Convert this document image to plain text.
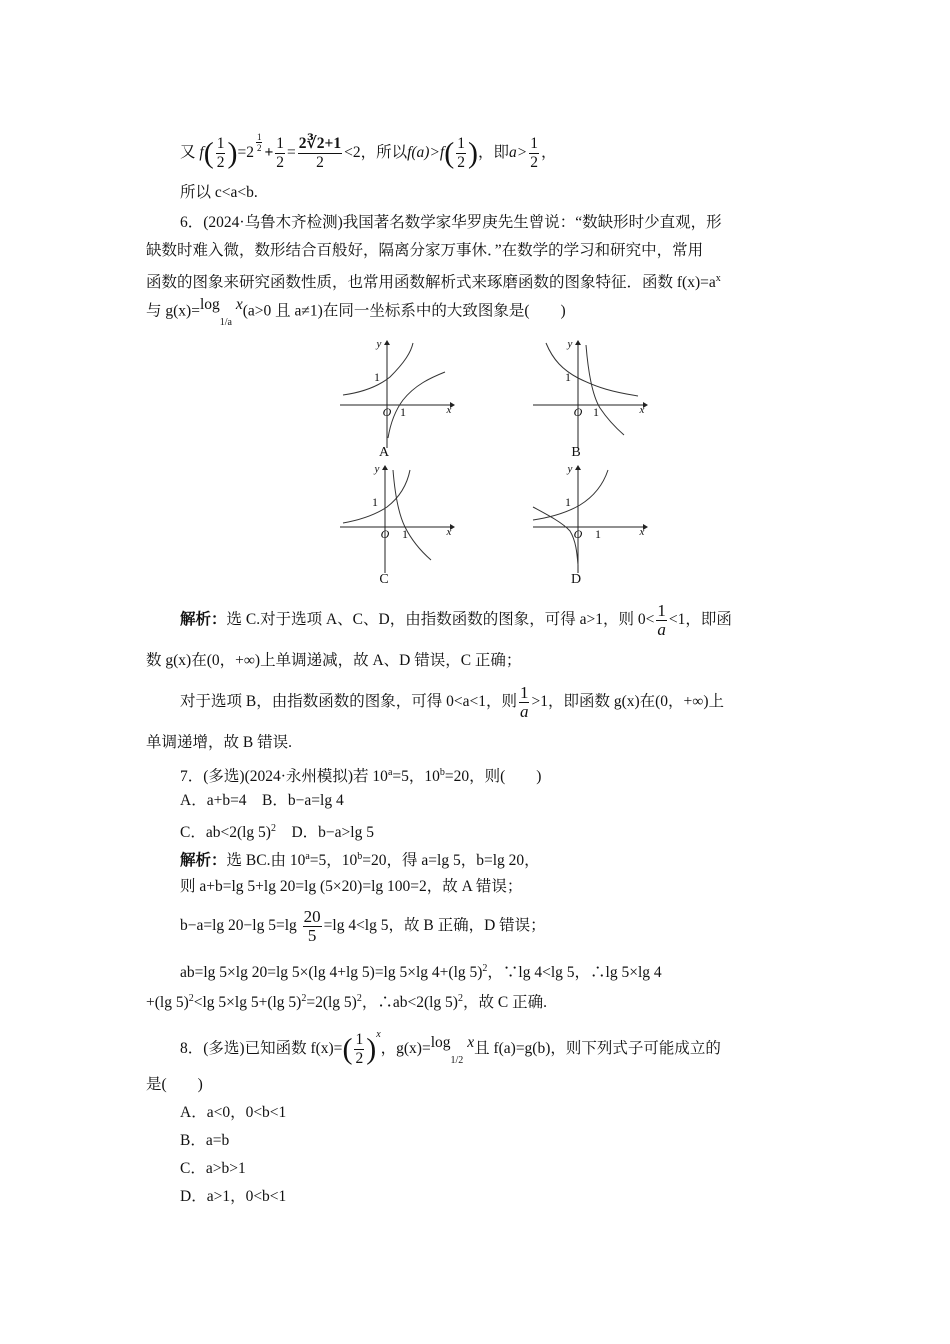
又 $f( \frac{1}{2} )=2$ $^{\frac{1}{2}} + \frac{1}{2} = \frac{2∛2+1}{2} <2$，所以$f(a)>f( \frac{1}{2}$ )，即$a> \frac{1}{2}$ ，
所以 c<a<b.
6．(2024·乌鲁木齐检测)我国著名数学家华罗庚先生曾说：“数缺形时少直观，形
缺数时难入微，数形结合百般好，隔离分家万事休．”在数学的学习和研究中，常用
函数的图象来研究函数性质，也常用函数解析式来琢磨函数的图象特征．函数 $f(x)=a^x$
与 $g(x)=\log_{1/a}$ x(a>0 且 a≠1)在同一坐标系中的大致图象是(　　)
y
x
1
O 1
A
y
x
1
O 1
B
y
x
1
O	1
C
y
x
1
O	1
D
解析：选 C.对于选项 A、C、D，由指数函数的图象，可得 a>1，则 $0< \frac{1}{a} <1$，即函
数 g(x)在(0，+∞)上单调递减，故 A、D 错误，C 正确；
对于选项 B，由指数函数的图象，可得 0<a<1，则 $\frac{1}{a} >1$，即函数 g(x)在(0，+∞)上
单调递增，故 B 错误.
7．(多选)(2024·永州模拟)若 $10^a=5$，$10^b=20$，则(　　)
A．a+b=4　B．b−a=lg 4
C．ab<2(lg 5)$^2$　D．b−a>lg 5
解析：选 BC.由 $10^a=5$，$10^b=20$，得 a=lg 5，b=lg 20，
则 a+b=lg 5+lg 20=lg (5×20)=lg 100=2，故 A 错误；
b−a=lg 20−lg $5=\lg \frac{20}{5} =\lg$ 4<lg 5，故 B 正确，D 错误；
ab=lg 5×lg 20=lg 5×(lg 4+lg 5)=lg 5×lg 4+(lg 5)$^2$，∵lg 4<lg 5，∴lg 5×lg 4
+(lg 5)$^2$<lg 5×lg 5+(lg 5)$^2$=2(lg 5)$^2$，∴ab<2(lg 5)$^2$，故 C 正确.
8．(多选)已知函数 $f(x)=( \frac{1}{2} )^x$，$g(x)=\log_{1/2}$ x且 f(a)=g(b)，则下列式子可能成立的
是(　　)
A．a<0，0<b<1
B．a=b
C．a>b>1
D．a>1，0<b<1
